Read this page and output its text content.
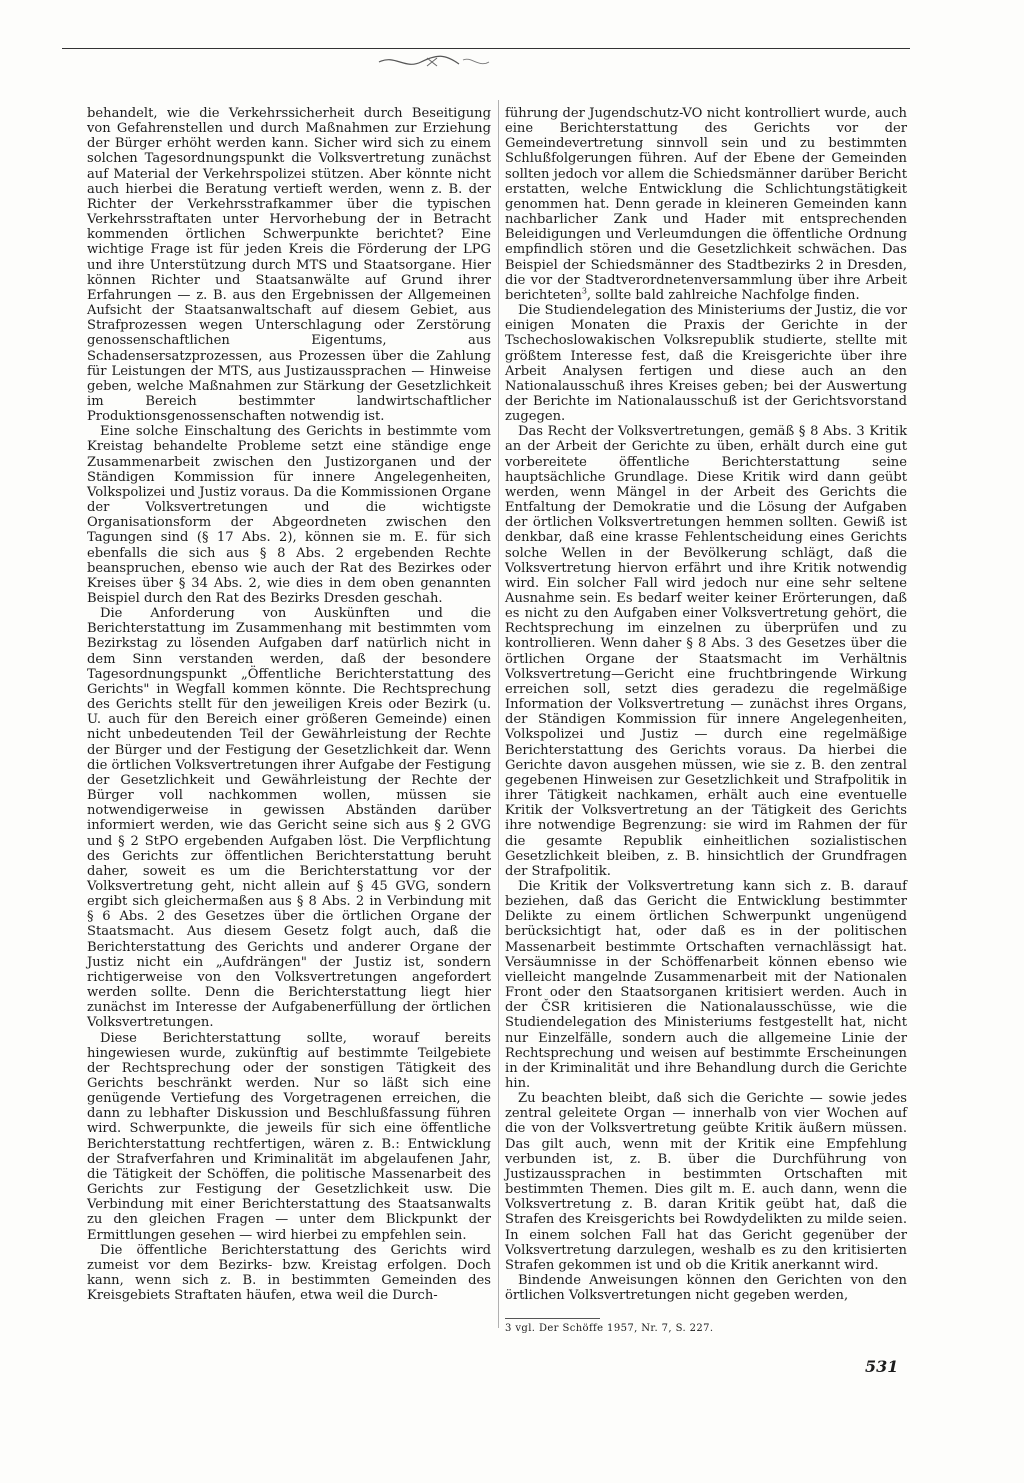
behandelt, wie die Verkehrssicherheit durch Beseitigung von Gefahrenstellen und durch Maßnahmen zur Erziehung der Bürger erhöht werden kann. Sicher wird sich zu einem solchen Tagesordnungspunkt die Volksvertretung zunächst auf Material der Verkehrspolizei stützen. Aber könnte nicht auch hierbei die Beratung vertieft werden, wenn z. B. der Richter der Verkehrsstrafkammer über die typischen Verkehrsstraftaten unter Hervorhebung der in Betracht kommenden örtlichen Schwerpunkte berichtet? Eine wichtige Frage ist für jeden Kreis die Förderung der LPG und ihre Unterstützung durch MTS und Staatsorgane. Hier können Richter und Staatsanwälte auf Grund ihrer Erfahrungen — z. B. aus den Ergebnissen der Allgemeinen Aufsicht der Staatsanwaltschaft auf diesem Gebiet, aus Strafprozessen wegen Unterschlagung oder Zerstörung genossenschaftlichen Eigentums, aus Schadensersatzprozessen, aus Prozessen über die Zahlung für Leistungen der MTS, aus Justizaussprachen — Hinweise geben, welche Maßnahmen zur Stärkung der Gesetzlichkeit im Bereich bestimmter landwirtschaftlicher Produktionsgenossenschaften notwendig ist.

Eine solche Einschaltung des Gerichts in bestimmte vom Kreistag behandelte Probleme setzt eine ständige enge Zusammenarbeit zwischen den Justizorganen und der Ständigen Kommission für innere Angelegenheiten, Volkspolizei und Justiz voraus. Da die Kommissionen Organe der Volksvertretungen und die wichtigste Organisationsform der Abgeordneten zwischen den Tagungen sind (§ 17 Abs. 2), können sie m. E. für sich ebenfalls die sich aus § 8 Abs. 2 ergebenden Rechte beanspruchen, ebenso wie auch der Rat des Bezirkes oder Kreises über § 34 Abs. 2, wie dies in dem oben genannten Beispiel durch den Rat des Bezirks Dresden geschah.

Die Anforderung von Auskünften und die Berichterstattung im Zusammenhang mit bestimmten vom Bezirkstag zu lösenden Aufgaben darf natürlich nicht in dem Sinn verstanden werden, daß der besondere Tagesordnungspunkt „Öffentliche Berichterstattung des Gerichts" in Wegfall kommen könnte. Die Rechtsprechung des Gerichts stellt für den jeweiligen Kreis oder Bezirk (u. U. auch für den Bereich einer größeren Gemeinde) einen nicht unbedeutenden Teil der Gewährleistung der Rechte der Bürger und der Festigung der Gesetzlichkeit dar. Wenn die örtlichen Volksvertretungen ihrer Aufgabe der Festigung der Gesetzlichkeit und Gewährleistung der Rechte der Bürger voll nachkommen wollen, müssen sie notwendigerweise in gewissen Abständen darüber informiert werden, wie das Gericht seine sich aus § 2 GVG und § 2 StPO ergebenden Aufgaben löst. Die Verpflichtung des Gerichts zur öffentlichen Berichterstattung beruht daher, soweit es um die Berichterstattung vor der Volksvertretung geht, nicht allein auf § 45 GVG, sondern ergibt sich gleichermaßen aus § 8 Abs. 2 in Verbindung mit § 6 Abs. 2 des Gesetzes über die örtlichen Organe der Staatsmacht. Aus diesem Gesetz folgt auch, daß die Berichterstattung des Gerichts und anderer Organe der Justiz nicht ein „Aufdrängen" der Justiz ist, sondern richtigerweise von den Volksvertretungen angefordert werden sollte. Denn die Berichterstattung liegt hier zunächst im Interesse der Aufgabenerfüllung der örtlichen Volksvertretungen.

Diese Berichterstattung sollte, worauf bereits hingewiesen wurde, zukünftig auf bestimmte Teilgebiete der Rechtsprechung oder der sonstigen Tätigkeit des Gerichts beschränkt werden. Nur so läßt sich eine genügende Vertiefung des Vorgetragenen erreichen, die dann zu lebhafter Diskussion und Beschlußfassung führen wird. Schwerpunkte, die jeweils für sich eine öffentliche Berichterstattung rechtfertigen, wären z. B.: Entwicklung der Strafverfahren und Kriminalität im abgelaufenen Jahr, die Tätigkeit der Schöffen, die politische Massenarbeit des Gerichts zur Festigung der Gesetzlichkeit usw. Die Verbindung mit einer Berichterstattung des Staatsanwalts zu den gleichen Fragen — unter dem Blickpunkt der Ermittlungen gesehen — wird hierbei zu empfehlen sein.

Die öffentliche Berichterstattung des Gerichts wird zumeist vor dem Bezirks- bzw. Kreistag erfolgen. Doch kann, wenn sich z. B. in bestimmten Gemeinden des Kreisgebiets Straftaten häufen, etwa weil die Durch-

führung der Jugendschutz-VO nicht kontrolliert wurde, auch eine Berichterstattung des Gerichts vor der Gemeindevertretung sinnvoll sein und zu bestimmten Schlußfolgerungen führen. Auf der Ebene der Gemeinden sollten jedoch vor allem die Schiedsmänner darüber Bericht erstatten, welche Entwicklung die Schlichtungstätigkeit genommen hat. Denn gerade in kleineren Gemeinden kann nachbarlicher Zank und Hader mit entsprechenden Beleidigungen und Verleumdungen die öffentliche Ordnung empfindlich stören und die Gesetzlichkeit schwächen. Das Beispiel der Schiedsmänner des Stadtbezirks 2 in Dresden, die vor der Stadtverordnetenversammlung über ihre Arbeit berichteten$^3$, sollte bald zahlreiche Nachfolge finden.

Die Studiendelegation des Ministeriums der Justiz, die vor einigen Monaten die Praxis der Gerichte in der Tschechoslowakischen Volksrepublik studierte, stellte mit größtem Interesse fest, daß die Kreisgerichte über ihre Arbeit Analysen fertigen und diese auch an den Nationalausschuß ihres Kreises geben; bei der Auswertung der Berichte im Nationalausschuß ist der Gerichtsvorstand zugegen.

Das Recht der Volksvertretungen, gemäß § 8 Abs. 3 Kritik an der Arbeit der Gerichte zu üben, erhält durch eine gut vorbereitete öffentliche Berichterstattung seine hauptsächliche Grundlage. Diese Kritik wird dann geübt werden, wenn Mängel in der Arbeit des Gerichts die Entfaltung der Demokratie und die Lösung der Aufgaben der örtlichen Volksvertretungen hemmen sollten. Gewiß ist denkbar, daß eine krasse Fehlentscheidung eines Gerichts solche Wellen in der Bevölkerung schlägt, daß die Volksvertretung hiervon erfährt und ihre Kritik notwendig wird. Ein solcher Fall wird jedoch nur eine sehr seltene Ausnahme sein. Es bedarf weiter keiner Erörterungen, daß es nicht zu den Aufgaben einer Volksvertretung gehört, die Rechtsprechung im einzelnen zu überprüfen und zu kontrollieren. Wenn daher § 8 Abs. 3 des Gesetzes über die örtlichen Organe der Staatsmacht im Verhältnis Volksvertretung—Gericht eine fruchtbringende Wirkung erreichen soll, setzt dies geradezu die regelmäßige Information der Volksvertretung — zunächst ihres Organs, der Ständigen Kommission für innere Angelegenheiten, Volkspolizei und Justiz — durch eine regelmäßige Berichterstattung des Gerichts voraus. Da hierbei die Gerichte davon ausgehen müssen, wie sie z. B. den zentral gegebenen Hinweisen zur Gesetzlichkeit und Strafpolitik in ihrer Tätigkeit nachkamen, erhält auch eine eventuelle Kritik der Volksvertretung an der Tätigkeit des Gerichts ihre notwendige Begrenzung: sie wird im Rahmen der für die gesamte Republik einheitlichen sozialistischen Gesetzlichkeit bleiben, z. B. hinsichtlich der Grundfragen der Strafpolitik.

Die Kritik der Volksvertretung kann sich z. B. darauf beziehen, daß das Gericht die Entwicklung bestimmter Delikte zu einem örtlichen Schwerpunkt ungenügend berücksichtigt hat, oder daß es in der politischen Massenarbeit bestimmte Ortschaften vernachlässigt hat. Versäumnisse in der Schöffenarbeit können ebenso wie vielleicht mangelnde Zusammenarbeit mit der Nationalen Front oder den Staatsorganen kritisiert werden. Auch in der ČSR kritisieren die Nationalausschüsse, wie die Studiendelegation des Ministeriums festgestellt hat, nicht nur Einzelfälle, sondern auch die allgemeine Linie der Rechtsprechung und weisen auf bestimmte Erscheinungen in der Kriminalität und ihre Behandlung durch die Gerichte hin.

Zu beachten bleibt, daß sich die Gerichte — sowie jedes zentral geleitete Organ — innerhalb von vier Wochen auf die von der Volksvertretung geübte Kritik äußern müssen. Das gilt auch, wenn mit der Kritik eine Empfehlung verbunden ist, z. B. über die Durchführung von Justizaussprachen in bestimmten Ortschaften mit bestimmten Themen. Dies gilt m. E. auch dann, wenn die Volksvertretung z. B. daran Kritik geübt hat, daß die Strafen des Kreisgerichts bei Rowdydelikten zu milde seien. In einem solchen Fall hat das Gericht gegenüber der Volksvertretung darzulegen, weshalb es zu den kritisierten Strafen gekommen ist und ob die Kritik anerkannt wird.

Bindende Anweisungen können den Gerichten von den örtlichen Volksvertretungen nicht gegeben werden,

3 vgl. Der Schöffe 1957, Nr. 7, S. 227.
531
